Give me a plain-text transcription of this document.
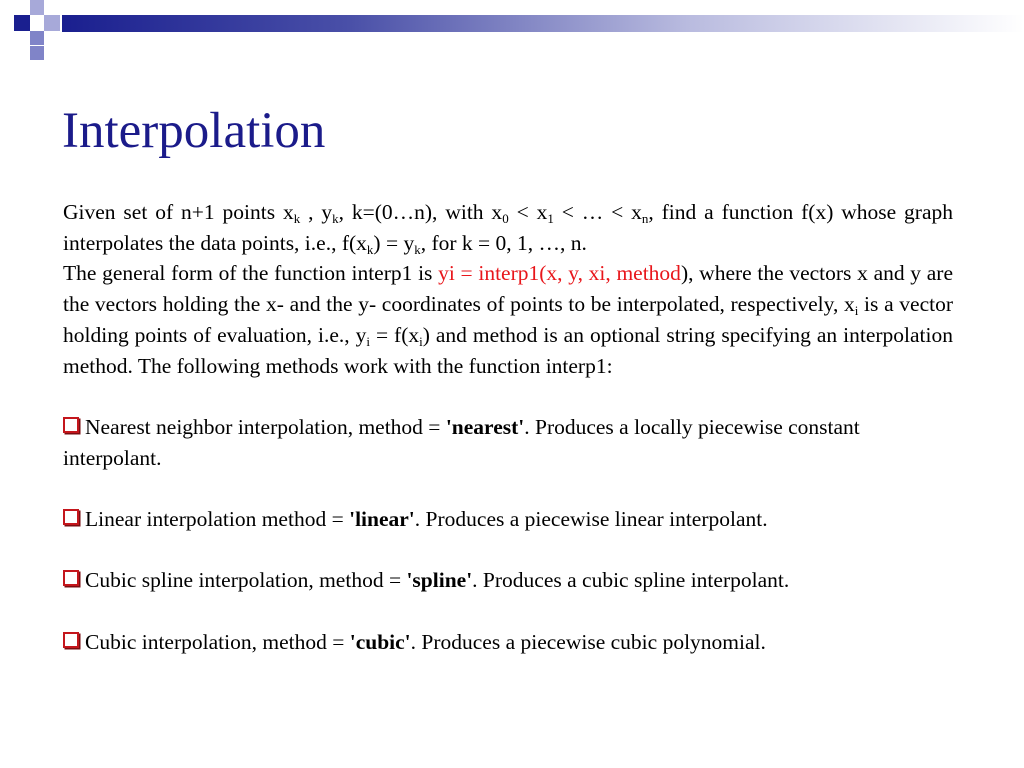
Interpolation

Given set of n+1 points $x_k$ , $y_k$, k=(0…n), with $x_0 < x_1$ < … < $x_n$, find a function f(x) whose graph interpolates the data points, i.e., $f(x_k) = y_k$, for k = 0, 1, …, n.

The general form of the function interp1 is yi = interp1(x, y, xi, method), where the vectors x and y are the vectors holding the x- and the y- coordinates of points to be interpolated, respectively, $x_i$ is a vector holding points of evaluation, i.e., $y_i = f(x_i)$ and method is an optional string specifying an interpolation method. The following methods work with the function interp1:

Nearest neighbor interpolation, method = 'nearest'. Produces a locally piecewise constant interpolant.

Linear interpolation method = 'linear'. Produces a piecewise linear interpolant.

Cubic spline interpolation, method = 'spline'. Produces a cubic spline interpolant.

Cubic interpolation, method = 'cubic'. Produces a piecewise cubic polynomial.
